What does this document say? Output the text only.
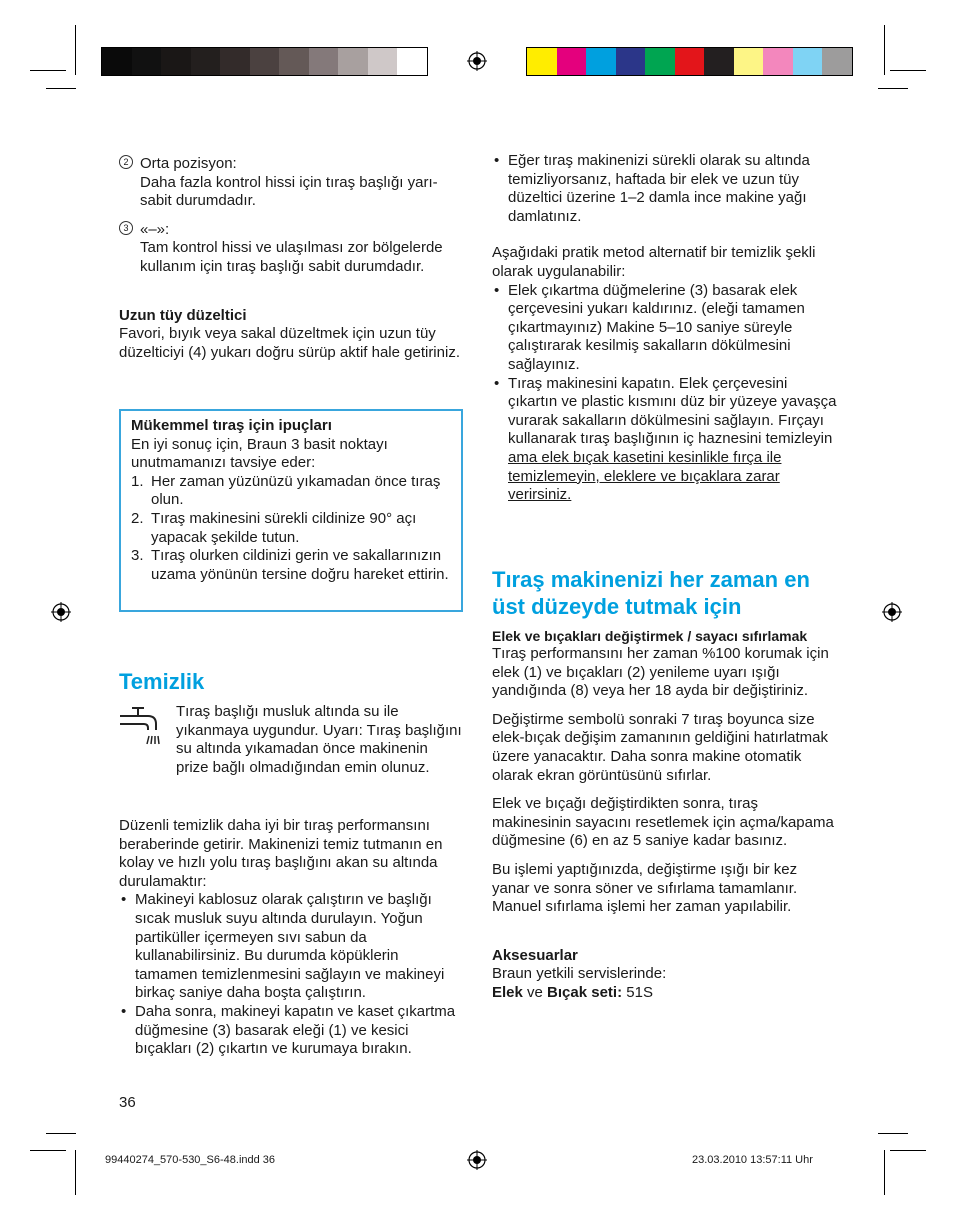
2 Orta pozisyon:

Daha fazla kontrol hissi için tıraş başlığı yarı-sabit durumdadır.

3 «–»:

Tam kontrol hissi ve ulaşılması zor bölgelerde kullanım için tıraş başlığı sabit durumdadır.

Uzun tüy düzeltici

Favori, bıyık veya sakal düzeltmek için uzun tüy düzelticiyi (4) yukarı doğru sürüp aktif hale getiriniz.

Mükemmel tıraş için ipuçları

En iyi sonuç için, Braun 3 basit noktayı unutmamanızı tavsiye eder:

1. Her zaman yüzünüzü yıkamadan önce tıraş olun.
2. Tıraş makinesini sürekli cildinize 90° açı yapacak şekilde tutun.
3. Tıraş olurken cildinizi gerin ve sakallarınızın uzama yönünün tersine doğru hareket ettirin.
Temizlik

Tıraş başlığı musluk altında su ile yıkanmaya uygundur. Uyarı: Tıraş başlığını su altında yıkamadan önce makinenin prize bağlı olmadığından emin olunuz.

Düzenli temizlik daha iyi bir tıraş performansını beraberinde getirir. Makinenizi temiz tutmanın en kolay ve hızlı yolu tıraş başlığını akan su altında durulamaktır:

• Makineyi kablosuz olarak çalıştırın ve başlığı sıcak musluk suyu altında durulayın. Yoğun partiküller içermeyen sıvı sabun da kullanabilirsiniz. Bu durumda köpüklerin tamamen temizlenmesini sağlayın ve makineyi birkaç saniye daha boşta çalıştırın.

• Daha sonra, makineyi kapatın ve kaset çıkartma düğmesine (3) basarak eleği (1) ve kesici bıçakları (2) çıkartın ve kurumaya bırakın.

36

• Eğer tıraş makinenizi sürekli olarak su altında temizliyorsanız, haftada bir elek ve uzun tüy düzeltici üzerine 1–2 damla ince makine yağı damlatınız.

Aşağıdaki pratik metod alternatif bir temizlik şekli olarak uygulanabilir:

• Elek çıkartma düğmelerine (3) basarak elek çerçevesini yukarı kaldırınız. (eleği tamamen çıkartmayınız) Makine 5–10 saniye süreyle çalıştırarak kesilmiş sakalların dökülmesini sağlayınız.

• Tıraş makinesini kapatın. Elek çerçevesini çıkartın ve plastic kısmını düz bir yüzeye yavaşça vurarak sakalların dökülmesini sağlayın. Fırçayı kullanarak tıraş başlığının iç haznesini temizleyin ama elek bıçak kasetini kesinlikle fırça ile temizlemeyin, eleklere ve bıçaklara zarar verirsiniz.

Tıraş makinenizi her zaman en üst düzeyde tutmak için

Elek ve bıçakları değiştirmek / sayacı sıfırlamak

Tıraş performansını her zaman %100 korumak için elek (1) ve bıçakları (2) yenileme uyarı ışığı yandığında (8) veya her 18 ayda bir değiştiriniz.

Değiştirme sembolü sonraki 7 tıraş boyunca size elek-bıçak değişim zamanının geldiğini hatırlatmak üzere yanacaktır. Daha sonra makine otomatik olarak ekran görüntüsünü sıfırlar.

Elek ve bıçağı değiştirdikten sonra, tıraş makinesinin sayacını resetlemek için açma/kapama düğmesine (6) en az 5 saniye kadar basınız.

Bu işlemi yaptığınızda, değiştirme ışığı bir kez yanar ve sonra söner ve sıfırlama tamamlanır. Manuel sıfırlama işlemi her zaman yapılabilir.

Aksesuarlar

Braun yetkili servislerinde:

Elek ve Bıçak seti: 51S

99440274_570-530_S6-48.indd 36	23.03.2010 13:57:11 Uhr
